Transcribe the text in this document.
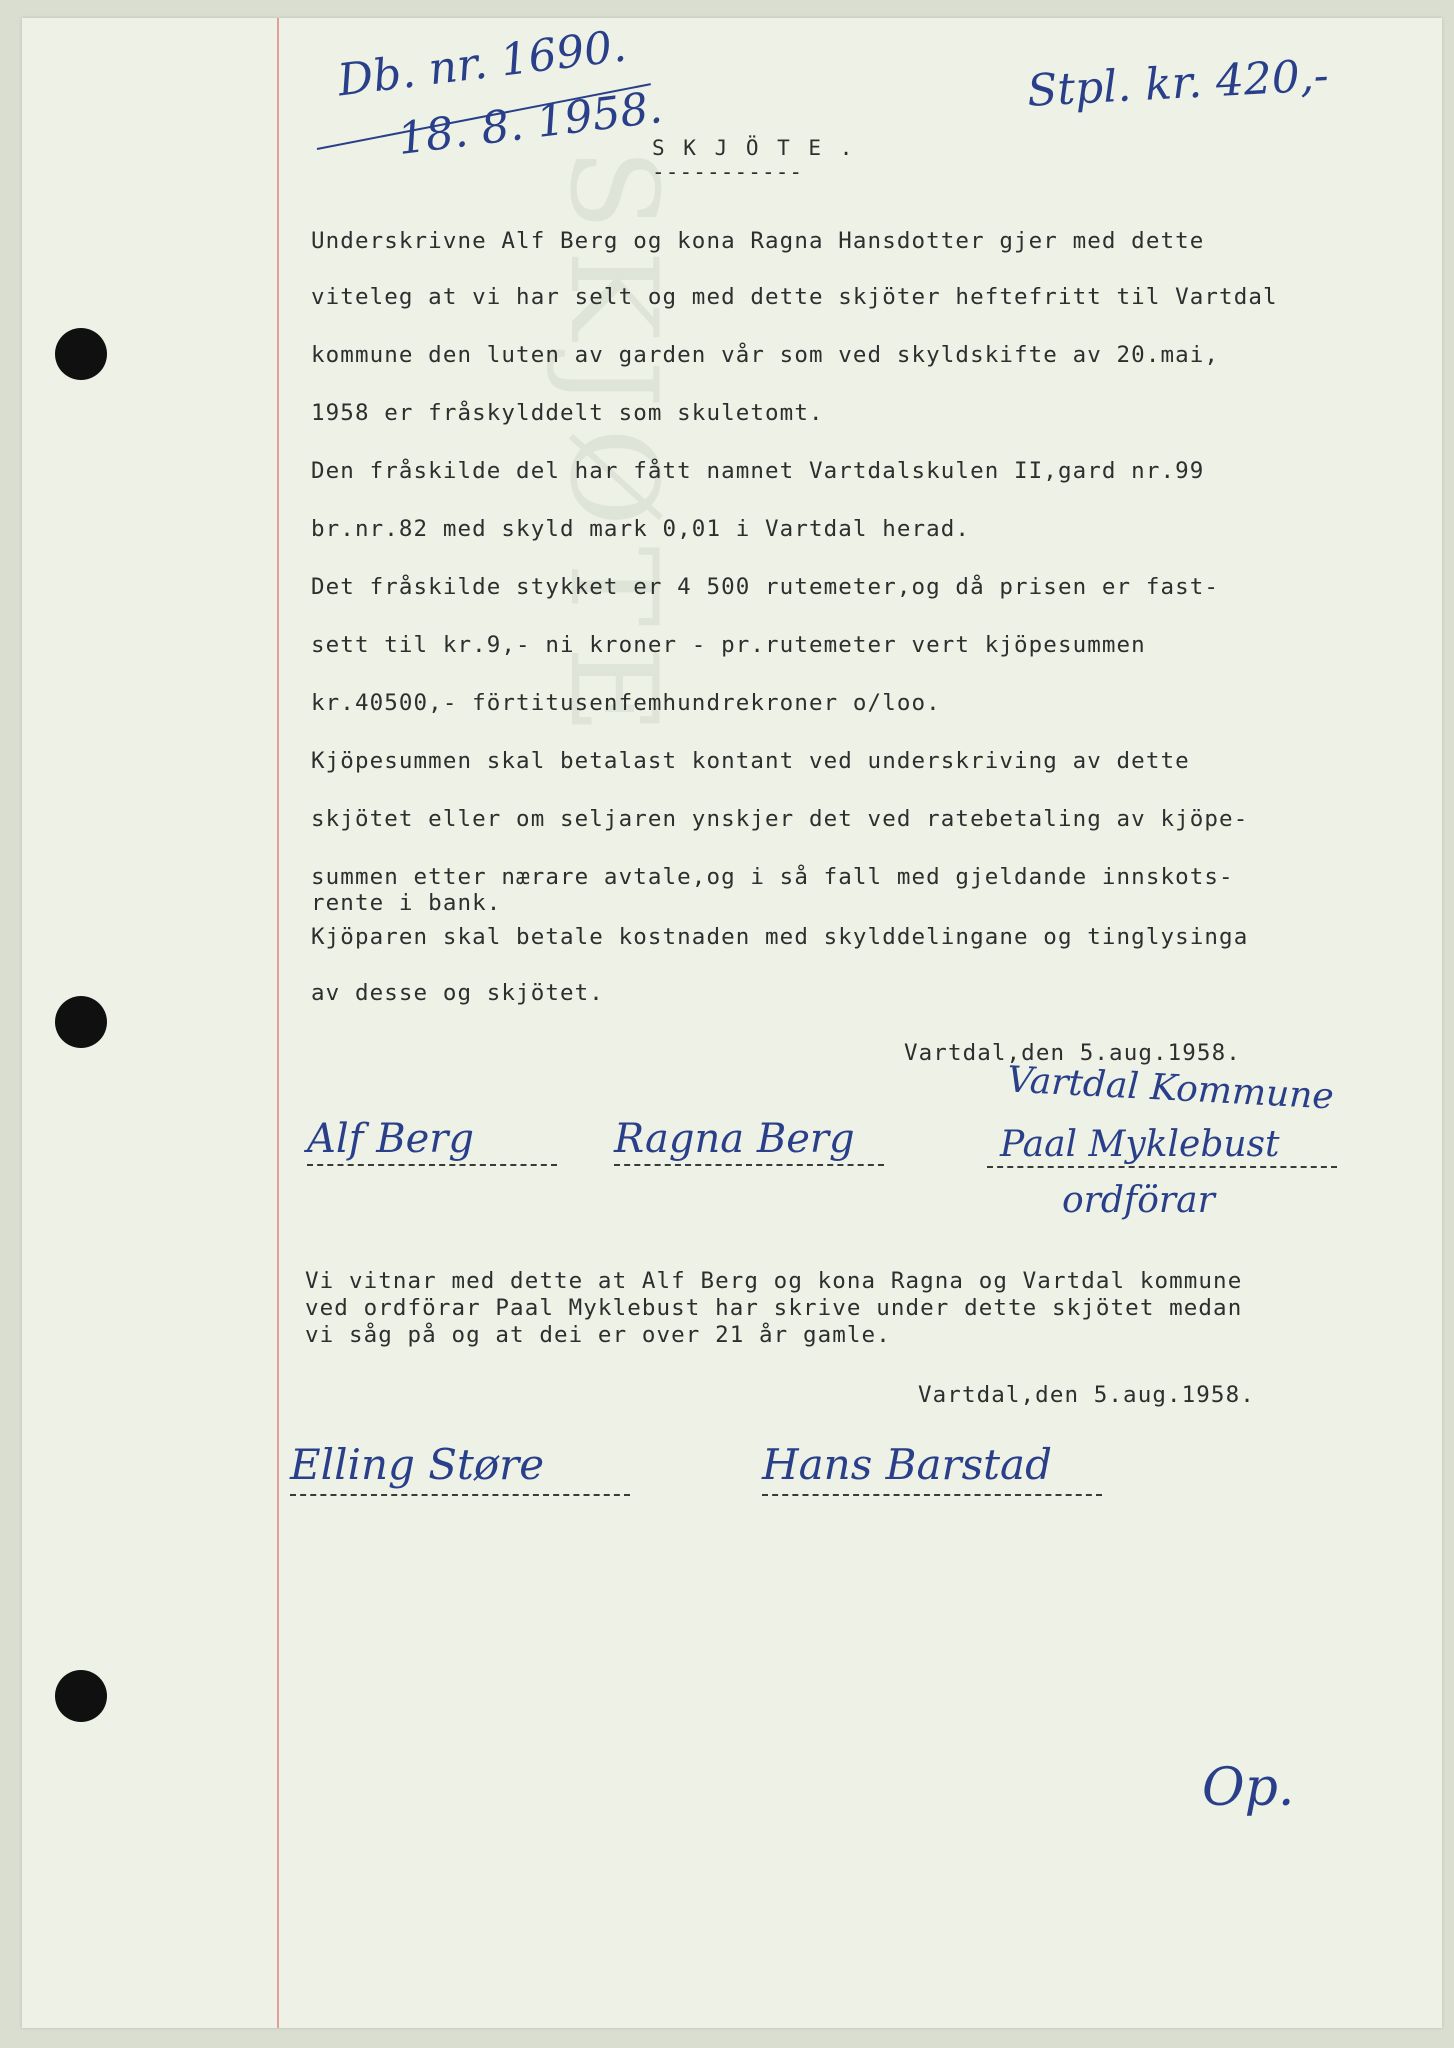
SKJØTE
Db. nr. 1690.
18. 8. 1958.	Stpl. kr. 420,-
S K J Ö T E .
-----------
Underskrivne Alf Berg og kona Ragna Hansdotter gjer med dette
viteleg at vi har selt og med dette skjöter heftefritt til Vartdal
kommune den luten av garden vår som ved skyldskifte av 20.mai,
1958 er fråskylddelt som skuletomt.
Den fråskilde del har fått namnet Vartdalskulen II,gard nr.99
br.nr.82 med skyld mark 0,01 i Vartdal herad.
Det fråskilde stykket er 4 500 rutemeter,og då prisen er fast-
sett til kr.9,- ni kroner - pr.rutemeter vert kjöpesummen
kr.40500,- förtitusenfemhundrekroner o/loo.
Kjöpesummen skal betalast kontant ved underskriving av dette
skjötet eller om seljaren ynskjer det ved ratebetaling av kjöpe-
summen etter nærare avtale,og i så fall med gjeldande innskots-
rente i bank.
Kjöparen skal betale kostnaden med skylddelingane og tinglysinga
av desse og skjötet.
Vartdal,den 5.aug.1958.
Alf Berg	Ragna Berg
Vartdal Kommune
Paal Myklebust
ordförar
Vi vitnar med dette at Alf Berg og kona Ragna og Vartdal kommune
ved ordförar Paal Myklebust har skrive under dette skjötet medan
vi såg på og at dei er over 21 år gamle.
Vartdal,den 5.aug.1958.
Elling Støre	Hans Barstad
Op.
